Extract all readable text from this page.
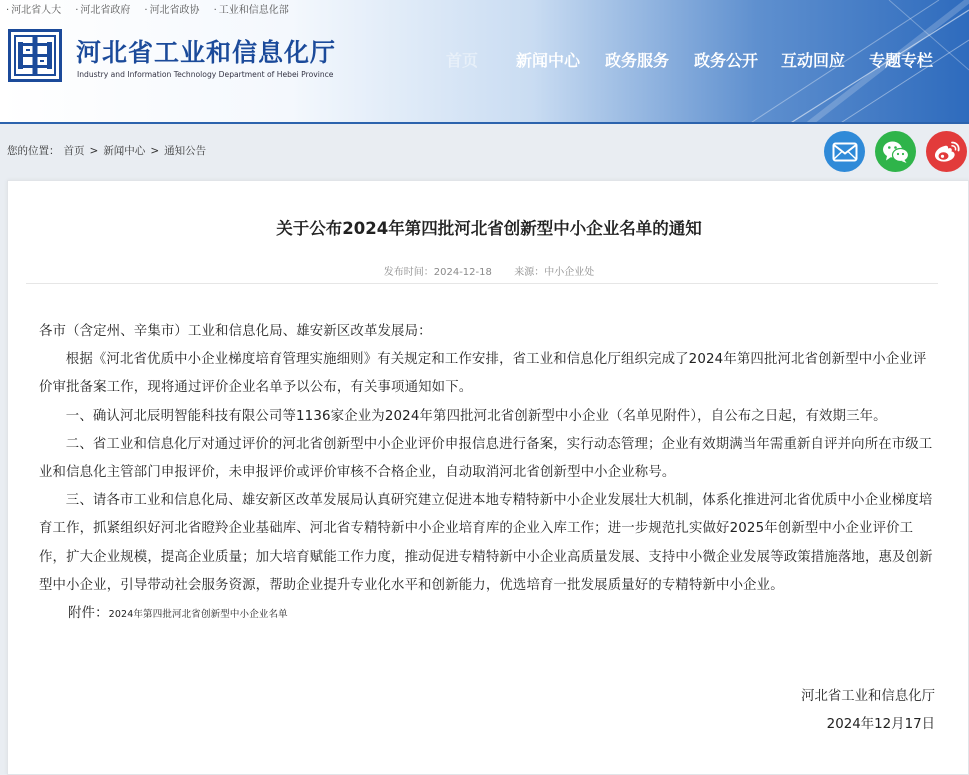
· 河北省人大	· 河北省政府	· 河北省政协	· 工业和信息化部
河北省工业和信息化厅
Industry and Information Technology Department of Hebei Province
首页 新闻中心 政务服务 政务公开 互动回应 专题专栏
您的位置： 首页 > 新闻中心 > 通知公告
关于公布2024年第四批河北省创新型中小企业名单的通知
发布时间：2024-12-18 来源：中小企业处

各市（含定州、辛集市）工业和信息化局、雄安新区改革发展局：

根据《河北省优质中小企业梯度培育管理实施细则》有关规定和工作安排，省工业和信息化厅组织完成了2024年第四批河北省创新型中小企业评价审批备案工作，现将通过评价企业名单予以公布，有关事项通知如下。

一、确认河北辰明智能科技有限公司等1136家企业为2024年第四批河北省创新型中小企业（名单见附件），自公布之日起，有效期三年。

二、省工业和信息化厅对通过评价的河北省创新型中小企业评价申报信息进行备案，实行动态管理；企业有效期满当年需重新自评并向所在市级工业和信息化主管部门申报评价，未申报评价或评价审核不合格企业，自动取消河北省创新型中小企业称号。

三、请各市工业和信息化局、雄安新区改革发展局认真研究建立促进本地专精特新中小企业发展壮大机制，体系化推进河北省优质中小企业梯度培育工作，抓紧组织好河北省瞪羚企业基础库、河北省专精特新中小企业培育库的企业入库工作；进一步规范扎实做好2025年创新型中小企业评价工作，扩大企业规模，提高企业质量；加大培育赋能工作力度，推动促进专精特新中小企业高质量发展、支持中小微企业发展等政策措施落地，惠及创新型中小企业，引导带动社会服务资源，帮助企业提升专业化水平和创新能力，优选培育一批发展质量好的专精特新中小企业。

附件：2024年第四批河北省创新型中小企业名单

河北省工业和信息化厅
2024年12月17日
